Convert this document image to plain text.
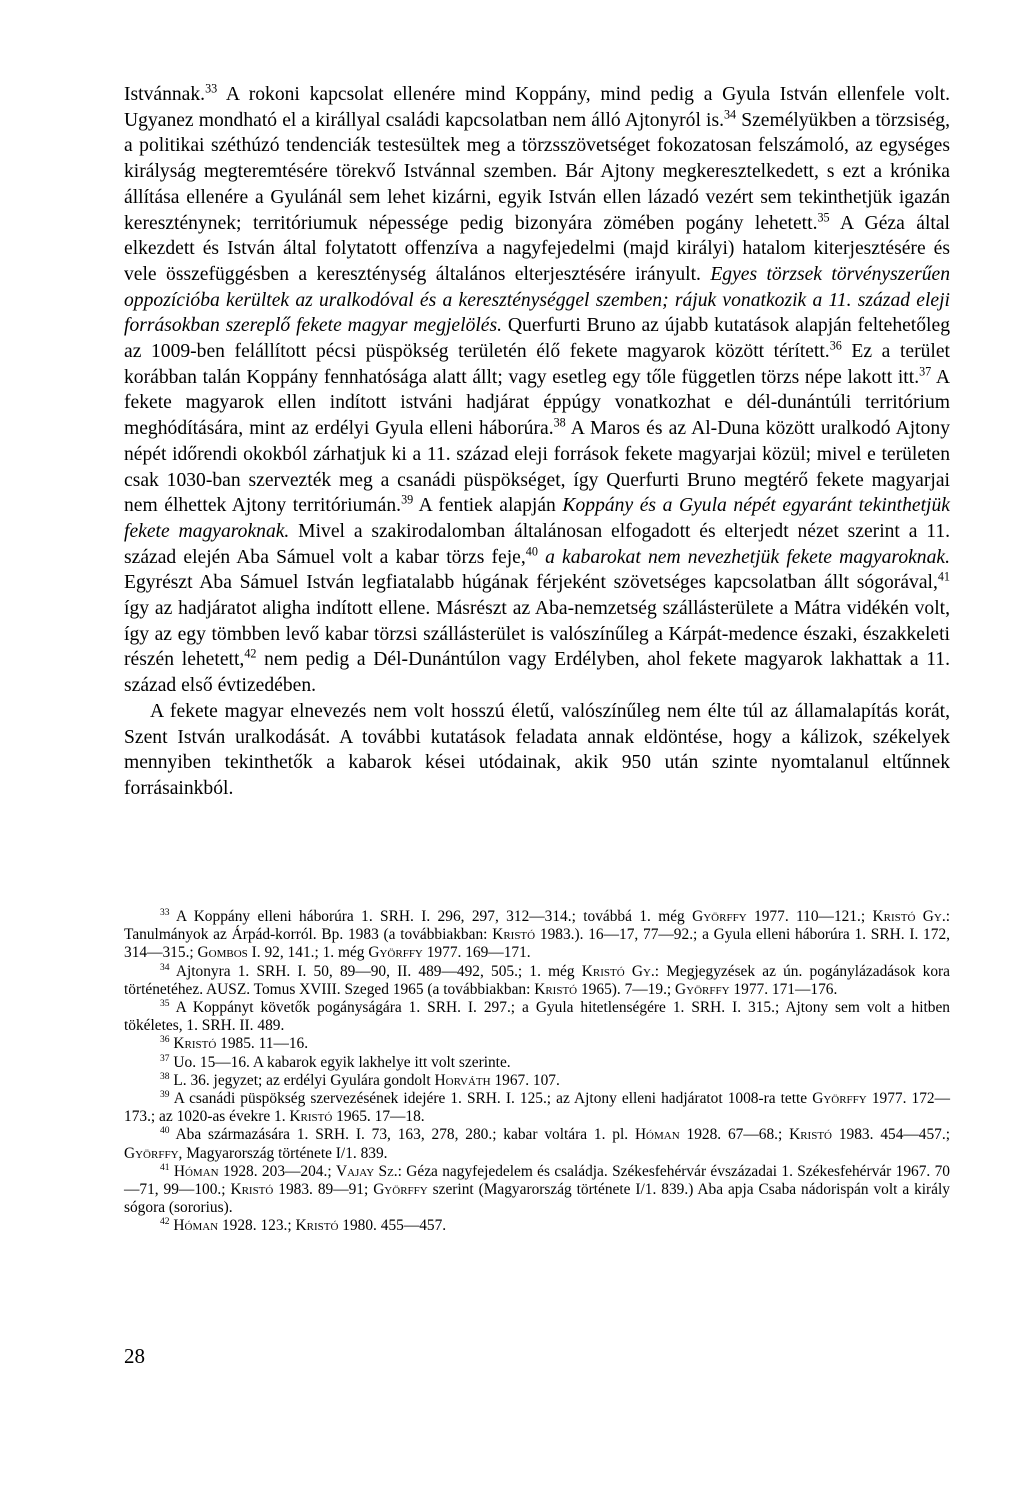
Istvánnak.$^{33}$ A rokoni kapcsolat ellenére mind Koppány, mind pedig a Gyula István ellenfele volt. Ugyanez mondható el a királlyal családi kapcsolatban nem álló Ajtonyról is.$^{34}$ Személyükben a törzsiség, a politikai széthúzó tendenciák testesültek meg a törzsszövetséget fokozatosan felszámoló, az egységes királyság megteremtésére törekvő Istvánnal szemben. Bár Ajtony megkeresztelkedett, s ezt a krónika állítása ellenére a Gyulánál sem lehet kizárni, egyik István ellen lázadó vezért sem tekinthetjük igazán kereszténynek; territóriumuk népessége pedig bizonyára zömében pogány lehetett.$^{35}$ A Géza által elkezdett és István által folytatott offenzíva a nagyfejedelmi (majd királyi) hatalom kiterjesztésére és vele összefüggésben a kereszténység általános elterjesztésére irányult. Egyes törzsek törvényszerűen oppozícióba kerültek az uralkodóval és a kereszténységgel szemben; rájuk vonatkozik a 11. század eleji forrásokban szereplő fekete magyar megjelölés. Querfurti Bruno az újabb kutatások alapján feltehetőleg az 1009-ben felállított pécsi püspökség területén élő fekete magyarok között térített.$^{36}$ Ez a terület korábban talán Koppány fennhatósága alatt állt; vagy esetleg egy tőle független törzs népe lakott itt.$^{37}$ A fekete magyarok ellen indított istváni hadjárat éppúgy vonatkozhat e dél-dunántúli territórium meghódítására, mint az erdélyi Gyula elleni háborúra.$^{38}$ A Maros és az Al-Duna között uralkodó Ajtony népét időrendi okokból zárhatjuk ki a 11. század eleji források fekete magyarjai közül; mivel e területen csak 1030-ban szervezték meg a csanádi püspökséget, így Querfurti Bruno megtérő fekete magyarjai nem élhettek Ajtony territóriumán.$^{39}$ A fentiek alapján Koppány és a Gyula népét egyaránt tekinthetjük fekete magyaroknak. Mivel a szakirodalomban általánosan elfogadott és elterjedt nézet szerint a 11. század elején Aba Sámuel volt a kabar törzs feje,$^{40}$ a kabarokat nem nevezhetjük fekete magyaroknak. Egyrészt Aba Sámuel István legfiatalabb húgának férjeként szövetséges kapcsolatban állt sógorával,$^{41}$ így az hadjáratot aligha indított ellene. Másrészt az Aba-nemzetség szállásterülete a Mátra vidékén volt, így az egy tömbben levő kabar törzsi szállásterület is valószínűleg a Kárpát-medence északi, északkeleti részén lehetett,$^{42}$ nem pedig a Dél-Dunántúlon vagy Erdélyben, ahol fekete magyarok lakhattak a 11. század első évtizedében.

A fekete magyar elnevezés nem volt hosszú életű, valószínűleg nem élte túl az államalapítás korát, Szent István uralkodását. A további kutatások feladata annak eldöntése, hogy a kálizok, székelyek mennyiben tekinthetők a kabarok kései utódainak, akik 950 után szinte nyomtalanul eltűnnek forrásainkból.

$^{33}$ A Koppány elleni háborúra 1. SRH. I. 296, 297, 312—314.; továbbá 1. még Györffy 1977. 110—121.; Kristó Gy.: Tanulmányok az Árpád-korról. Bp. 1983 (a továbbiakban: Kristó 1983.). 16—17, 77—92.; a Gyula elleni háborúra 1. SRH. I. 172, 314—315.; Gombos I. 92, 141.; 1. még Györffy 1977. 169—171.

$^{34}$ Ajtonyra 1. SRH. I. 50, 89—90, II. 489—492, 505.; 1. még Kristó Gy.: Megjegyzések az ún. pogánylázadások kora történetéhez. AUSZ. Tomus XVIII. Szeged 1965 (a továbbiakban: Kristó 1965). 7—19.; Györffy 1977. 171—176.

$^{35}$ A Koppányt követők pogányságára 1. SRH. I. 297.; a Gyula hitetlenségére 1. SRH. I. 315.; Ajtony sem volt a hitben tökéletes, 1. SRH. II. 489.

$^{36}$ Kristó 1985. 11—16.

$^{37}$ Uo. 15—16. A kabarok egyik lakhelye itt volt szerinte.

$^{38}$ L. 36. jegyzet; az erdélyi Gyulára gondolt Horváth 1967. 107.

$^{39}$ A csanádi püspökség szervezésének idejére 1. SRH. I. 125.; az Ajtony elleni hadjáratot 1008-ra tette Györffy 1977. 172—173.; az 1020-as évekre 1. Kristó 1965. 17—18.

$^{40}$ Aba származására 1. SRH. I. 73, 163, 278, 280.; kabar voltára 1. pl. Hóman 1928. 67—68.; Kristó 1983. 454—457.; Györffy, Magyarország története I/1. 839.

$^{41}$ Hóman 1928. 203—204.; Vajay Sz.: Géza nagyfejedelem és családja. Székesfehérvár évszázadai 1. Székesfehérvár 1967. 70—71, 99—100.; Kristó 1983. 89—91; Györffy szerint (Magyarország története I/1. 839.) Aba apja Csaba nádorispán volt a király sógora (sororius).

$^{42}$ Hóman 1928. 123.; Kristó 1980. 455—457.

28
